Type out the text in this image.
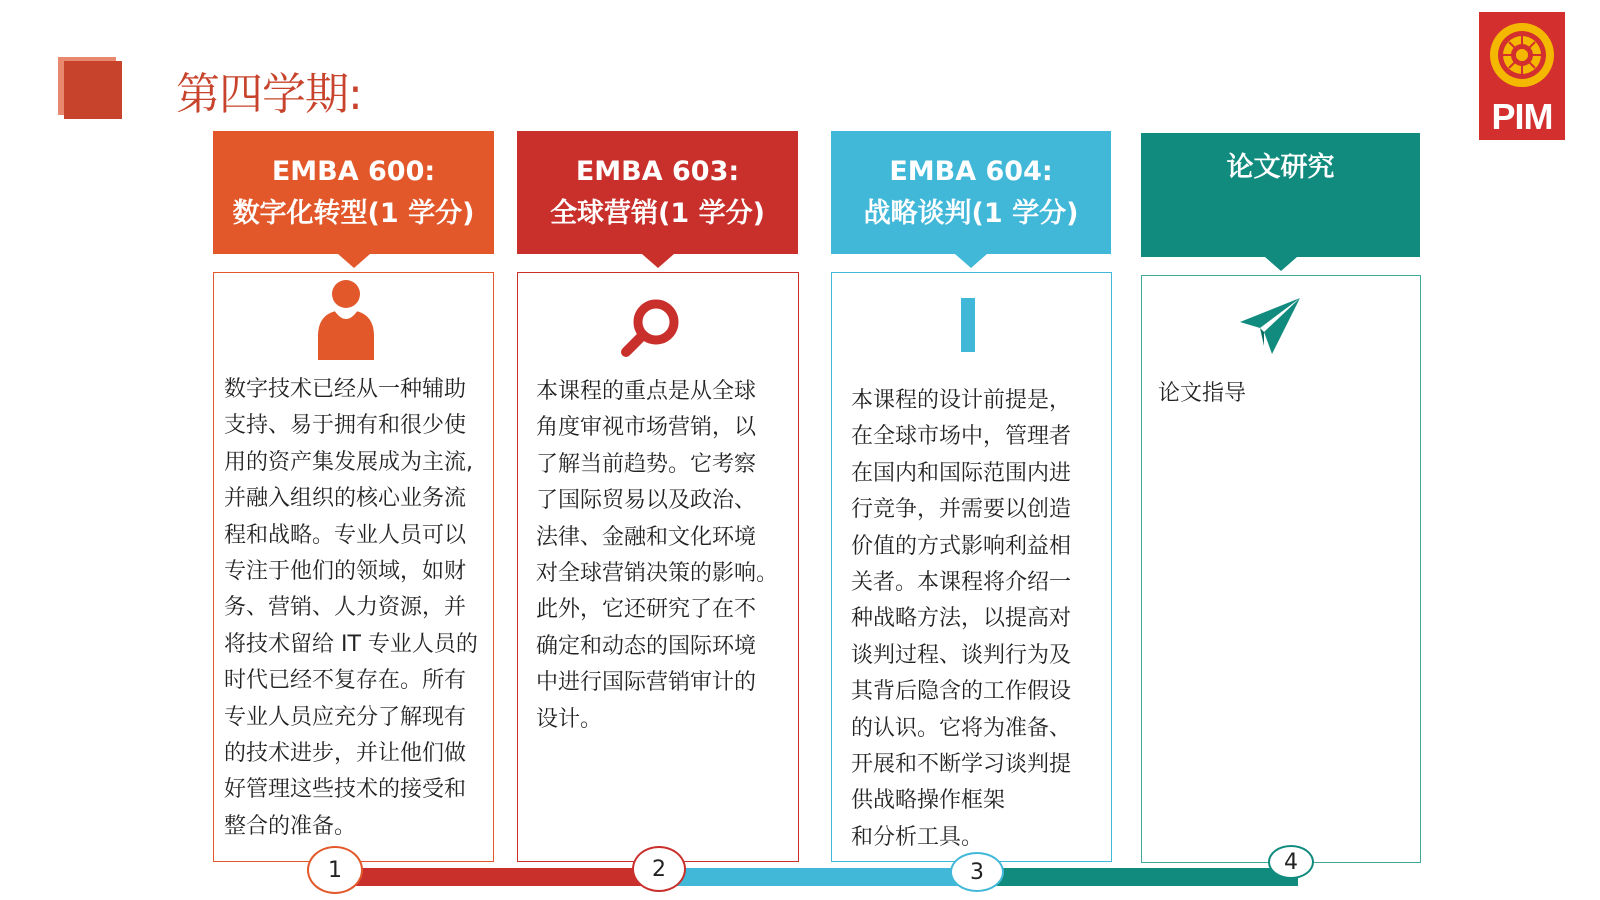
第四学期:	PIM
EMBA 600:
数字化转型(1 学分)
数字技术已经从一种辅助
支持、易于拥有和很少使
用的资产集发展成为主流,
并融入组织的核心业务流
程和战略。专业人员可以
专注于他们的领域，如财
务、营销、人力资源，并
将技术留给 IT 专业人员的
时代已经不复存在。所有
专业人员应充分了解现有
的技术进步，并让他们做
好管理这些技术的接受和
整合的准备。
EMBA 603:
全球营销(1 学分)
本课程的重点是从全球
角度审视市场营销，以
了解当前趋势。它考察
了国际贸易以及政治、
法律、金融和文化环境
对全球营销决策的影响。
此外，它还研究了在不
确定和动态的国际环境
中进行国际营销审计的
设计。
EMBA 604:
战略谈判(1 学分)
本课程的设计前提是，
在全球市场中，管理者
在国内和国际范围内进
行竞争，并需要以创造
价值的方式影响利益相
关者。本课程将介绍一
种战略方法，以提高对
谈判过程、谈判行为及
其背后隐含的工作假设
的认识。它将为准备、
开展和不断学习谈判提
供战略操作框架
和分析工具。
论文研究
论文指导
1	2	3	4
